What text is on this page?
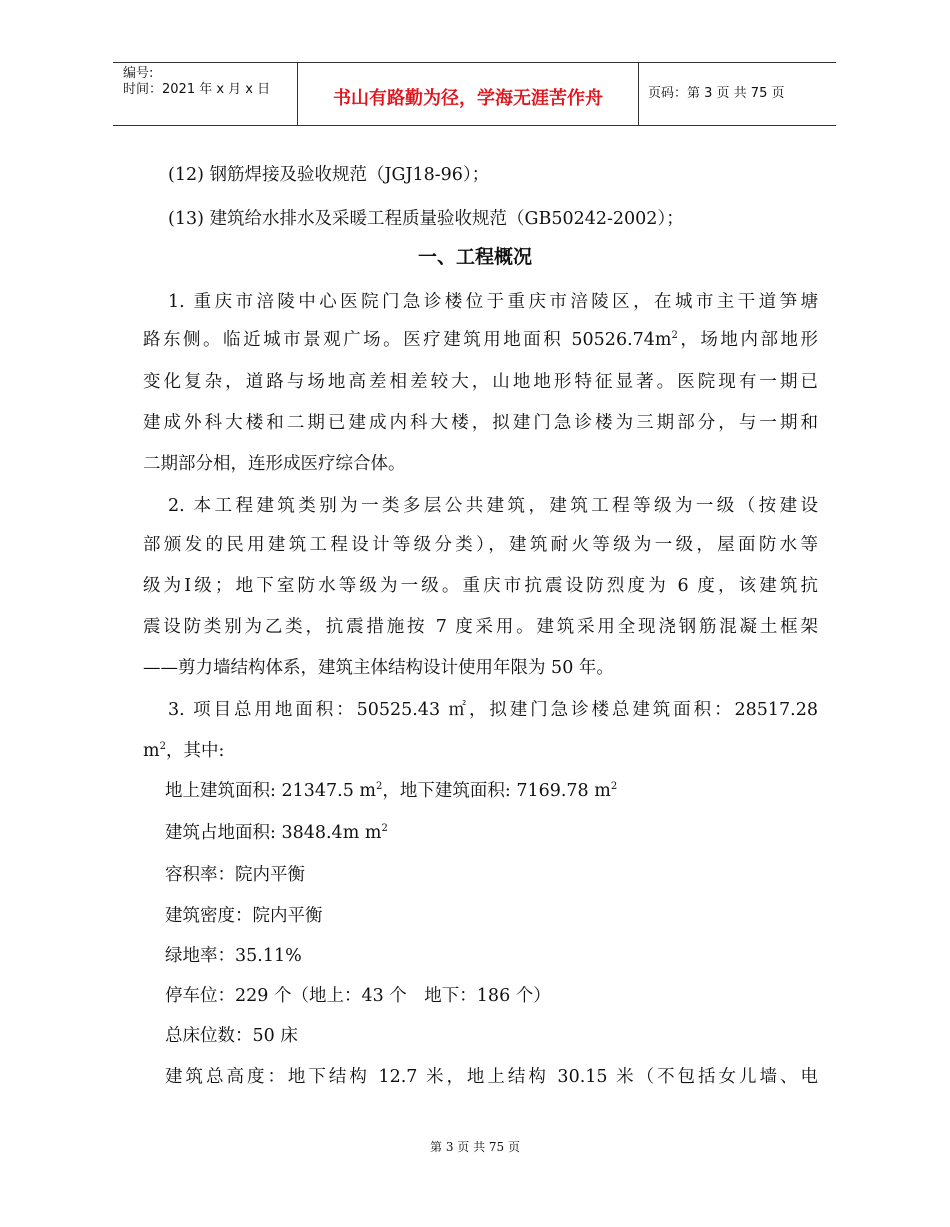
编号:
时间：2021 年 x 月 x 日	书山有路勤为径，学海无涯苦作舟	页码：第 3 页 共 75 页
(12) 钢筋焊接及验收规范（JGJ18-96）；
(13) 建筑给水排水及采暖工程质量验收规范（GB50242-2002）；
一、工程概况
1. 重庆市涪陵中心医院门急诊楼位于重庆市涪陵区，在城市主干道笋塘
路东侧。临近城市景观广场。医疗建筑用地面积 $50526.74m^2$，场地内部地形
变化复杂，道路与场地高差相差较大，山地地形特征显著。医院现有一期已
建成外科大楼和二期已建成内科大楼，拟建门急诊楼为三期部分，与一期和
二期部分相，连形成医疗综合体。
2. 本工程建筑类别为一类多层公共建筑，建筑工程等级为一级（按建设
部颁发的民用建筑工程设计等级分类），建筑耐火等级为一级，屋面防水等
级为Ⅰ级；地下室防水等级为一级。重庆市抗震设防烈度为 6 度，该建筑抗
震设防类别为乙类，抗震措施按 7 度采用。建筑采用全现浇钢筋混凝土框架
——剪力墙结构体系，建筑主体结构设计使用年限为 50 年。
3. 项目总用地面积：50525.43 ㎡，拟建门急诊楼总建筑面积：28517.28
$m^2$，其中:
地上建筑面积: 21347.5 $m^2$，地下建筑面积: 7169.78 $m^2$
建筑占地面积: 3848.4m $m^2$
容积率：院内平衡
建筑密度：院内平衡
绿地率：35.11%
停车位：229 个（地上：43 个　地下：186 个）
总床位数：50 床
建筑总高度：地下结构 12.7 米，地上结构 30.15 米（不包括女儿墙、电
第 3 页 共 75 页
